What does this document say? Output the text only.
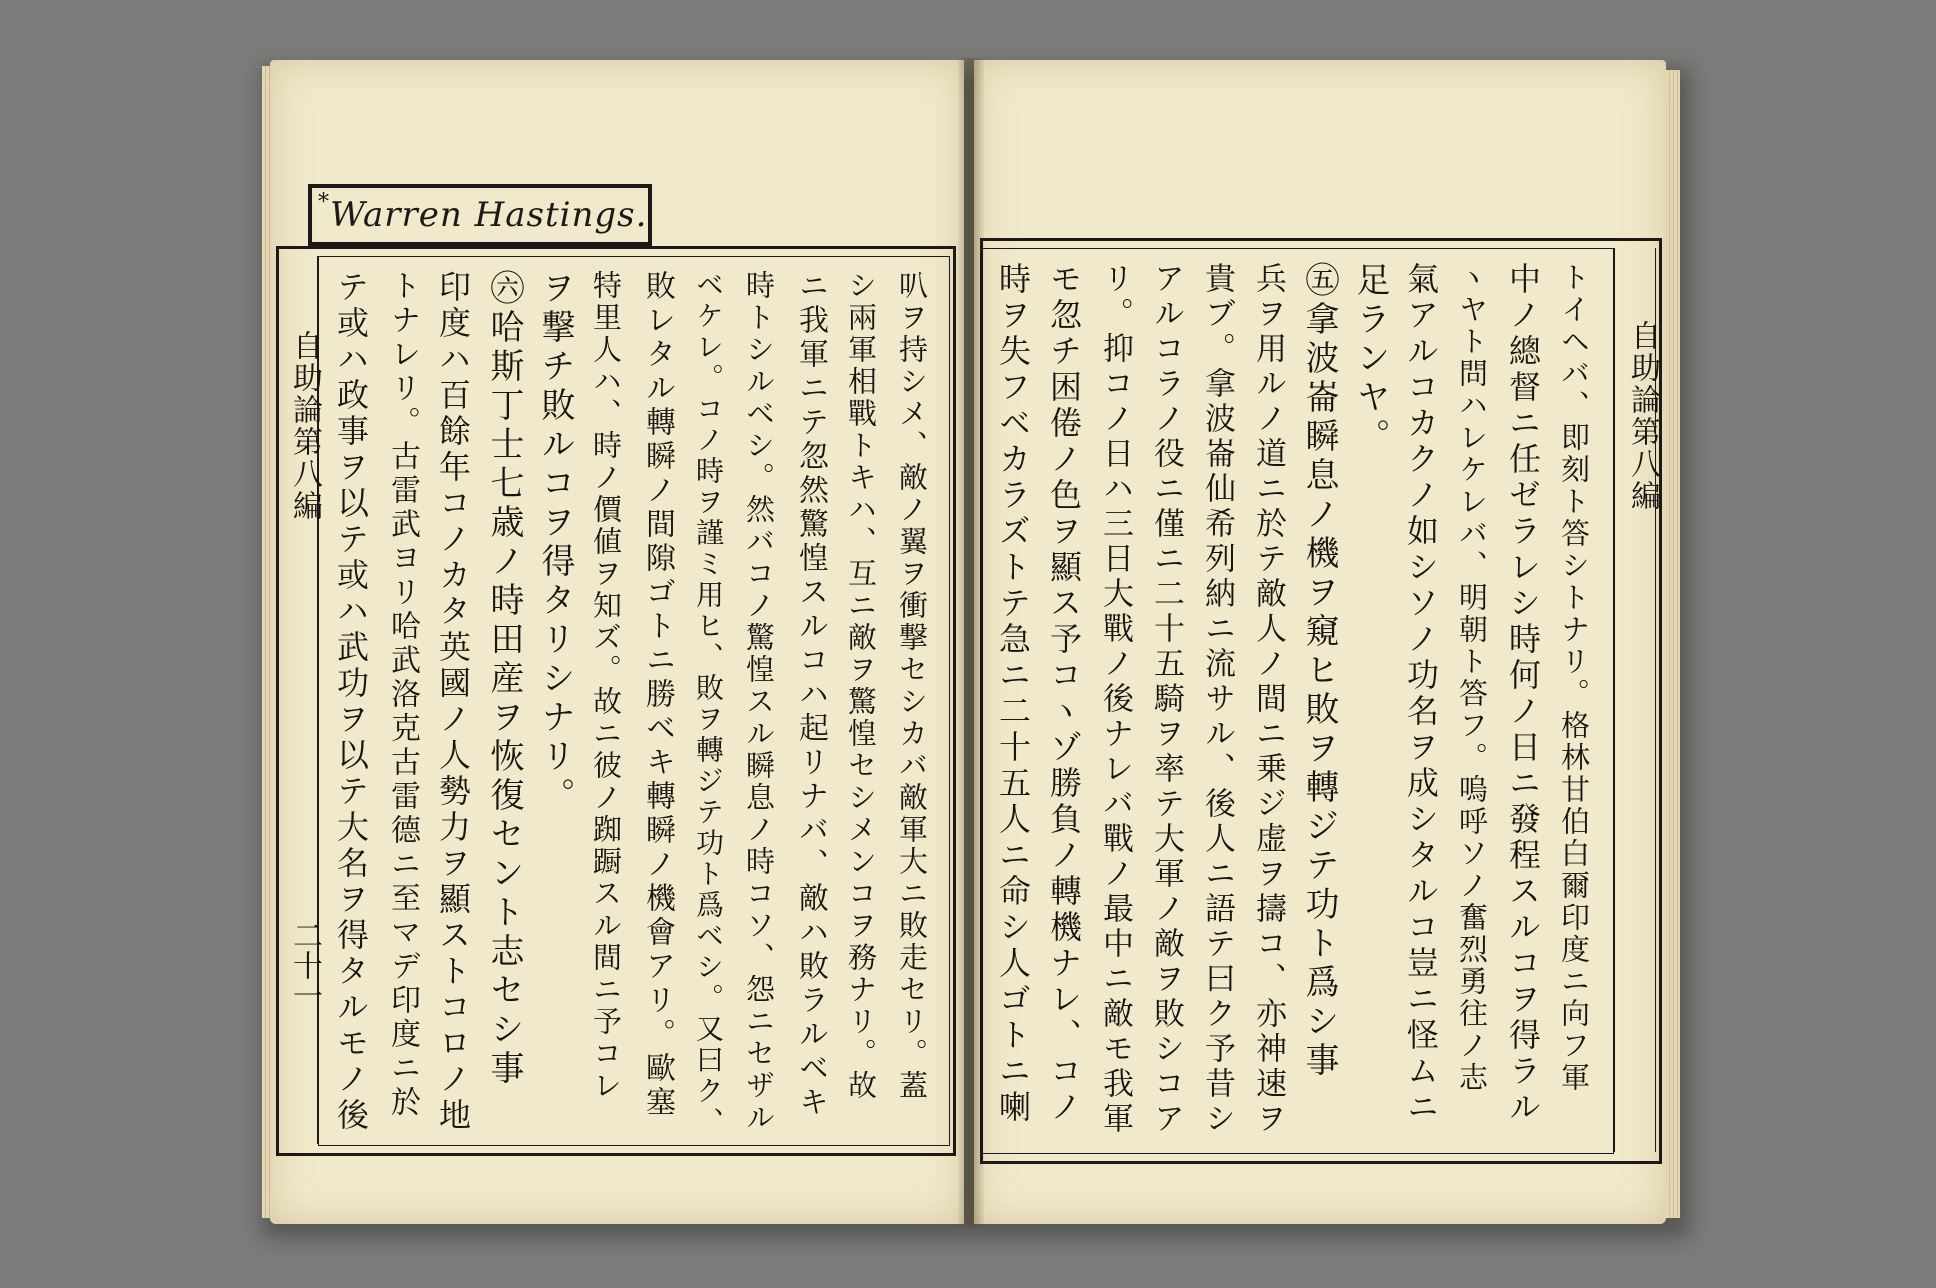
* Warren Hastings.
自助論第八編	自助論第八編
二十一	トイヘバ、即刻ト答シトナリ。格林甘伯白爾印度ニ向フ軍
中ノ總督ニ任ゼラレシ時何ノ日ニ發程スルコヲ得ラル
ヽヤト問ハレケレバ、明朝ト答フ。嗚呼ソノ奮烈勇往ノ志
氣アルコカクノ如シソノ功名ヲ成シタルコ豈ニ怪ムニ
足ランヤ。
㊄拿波崙瞬息ノ機ヲ窺ヒ敗ヲ轉ジテ功ト爲シ事
兵ヲ用ルノ道ニ於テ敵人ノ間ニ乗ジ虚ヲ擣コ、亦神速ヲ
貴ブ。拿波崙仙希列納ニ流サル、後人ニ語テ曰ク予昔シ
アルコラノ役ニ僅ニ二十五騎ヲ率テ大軍ノ敵ヲ敗シコア
リ。抑コノ日ハ三日大戰ノ後ナレバ戰ノ最中ニ敵モ我軍
モ忽チ困倦ノ色ヲ顯ス予コヽゾ勝負ノ轉機ナレ、コノ
時ヲ失フベカラズトテ急ニ二十五人ニ命シ人ゴトニ喇
叭ヲ持シメ、敵ノ翼ヲ衝撃セシカバ敵軍大ニ敗走セリ。蓋
シ兩軍相戰トキハ、互ニ敵ヲ驚惶セシメンコヲ務ナリ。故
ニ我軍ニテ忽然驚惶スルコハ起リナバ、敵ハ敗ラルベキ
時トシルベシ。然バコノ驚惶スル瞬息ノ時コソ、怨ニセザル
ベケレ。コノ時ヲ謹ミ用ヒ、敗ヲ轉ジテ功ト爲ベシ。又曰ク、
敗レタル轉瞬ノ間隙ゴトニ勝ベキ轉瞬ノ機會アリ。歐塞
特里人ハ、時ノ價値ヲ知ズ。故ニ彼ノ踟蹰スル間ニ予コレ
ヲ撃チ敗ルコヲ得タリシナリ。
㊅哈斯丁士七歳ノ時田産ヲ恢復セント志セシ事
印度ハ百餘年コノカタ英國ノ人勢力ヲ顯ストコロノ地
トナレリ。古雷武ヨリ哈武洛克古雷德ニ至マデ印度ニ於
テ或ハ政事ヲ以テ或ハ武功ヲ以テ大名ヲ得タルモノ後
